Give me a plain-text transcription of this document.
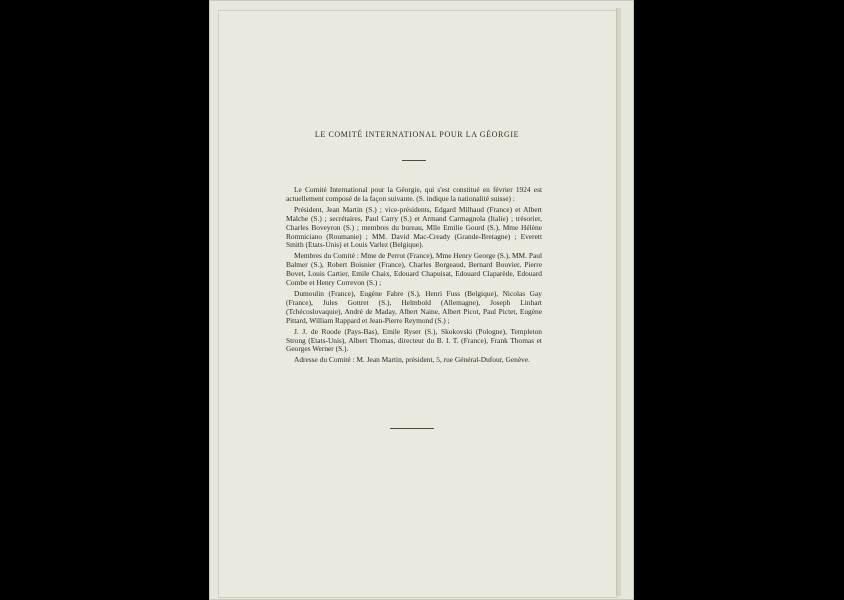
LE COMITÉ INTERNATIONAL POUR LA GÉORGIE

Le Comité International pour la Géorgie, qui s'est constitué en février 1924 est actuellement composé de la façon suivante. (S. indique la nationalité suisse) :

Président, Jean Martin (S.) ; vice-présidents, Edgard Milhaud (France) et Albert Malche (S.) ; secrétaires, Paul Carry (S.) et Armand Carmagnola (Italie) ; trésorier, Charles Boveyron (S.) ; membres du bureau, Mlle Emilie Gourd (S.), Mme Hélène Romniciano (Roumanie) ; MM. David Mac-Cready (Grande-Bretagne) ; Everett Smith (Etats-Unis) et Louis Varlez (Belgique).

Membres du Comité : Mme de Perrot (France), Mme Henry George (S.), MM. Paul Balmer (S.), Robert Boisnier (France), Charles Borgeaud, Bernard Bouvier, Pierre Bovet, Louis Cartier, Emile Chaix, Edouard Chapuisat, Edouard Claparède, Edouard Combe et Henry Correvon (S.) ;

Dumoulin (France), Eugène Fabre (S.), Henri Fuss (Belgique), Nicolas Gay (France), Jules Gottret (S.), Helmbold (Allemagne), Joseph Linhart (Tchécoslovaquie), André de Maday, Albert Naine, Albert Picot, Paul Pictet, Eugène Pittard, William Rappard et Jean-Pierre Reymond (S.) ;

J. J. de Roode (Pays-Bas), Emile Ryser (S.), Skokovski (Pologne), Templeton Strong (Etats-Unis), Albert Thomas, directeur du B. I. T. (France), Frank Thomas et Georges Werner (S.).

Adresse du Comité : M. Jean Martin, président, 5, rue Général-Dufour, Genève.
